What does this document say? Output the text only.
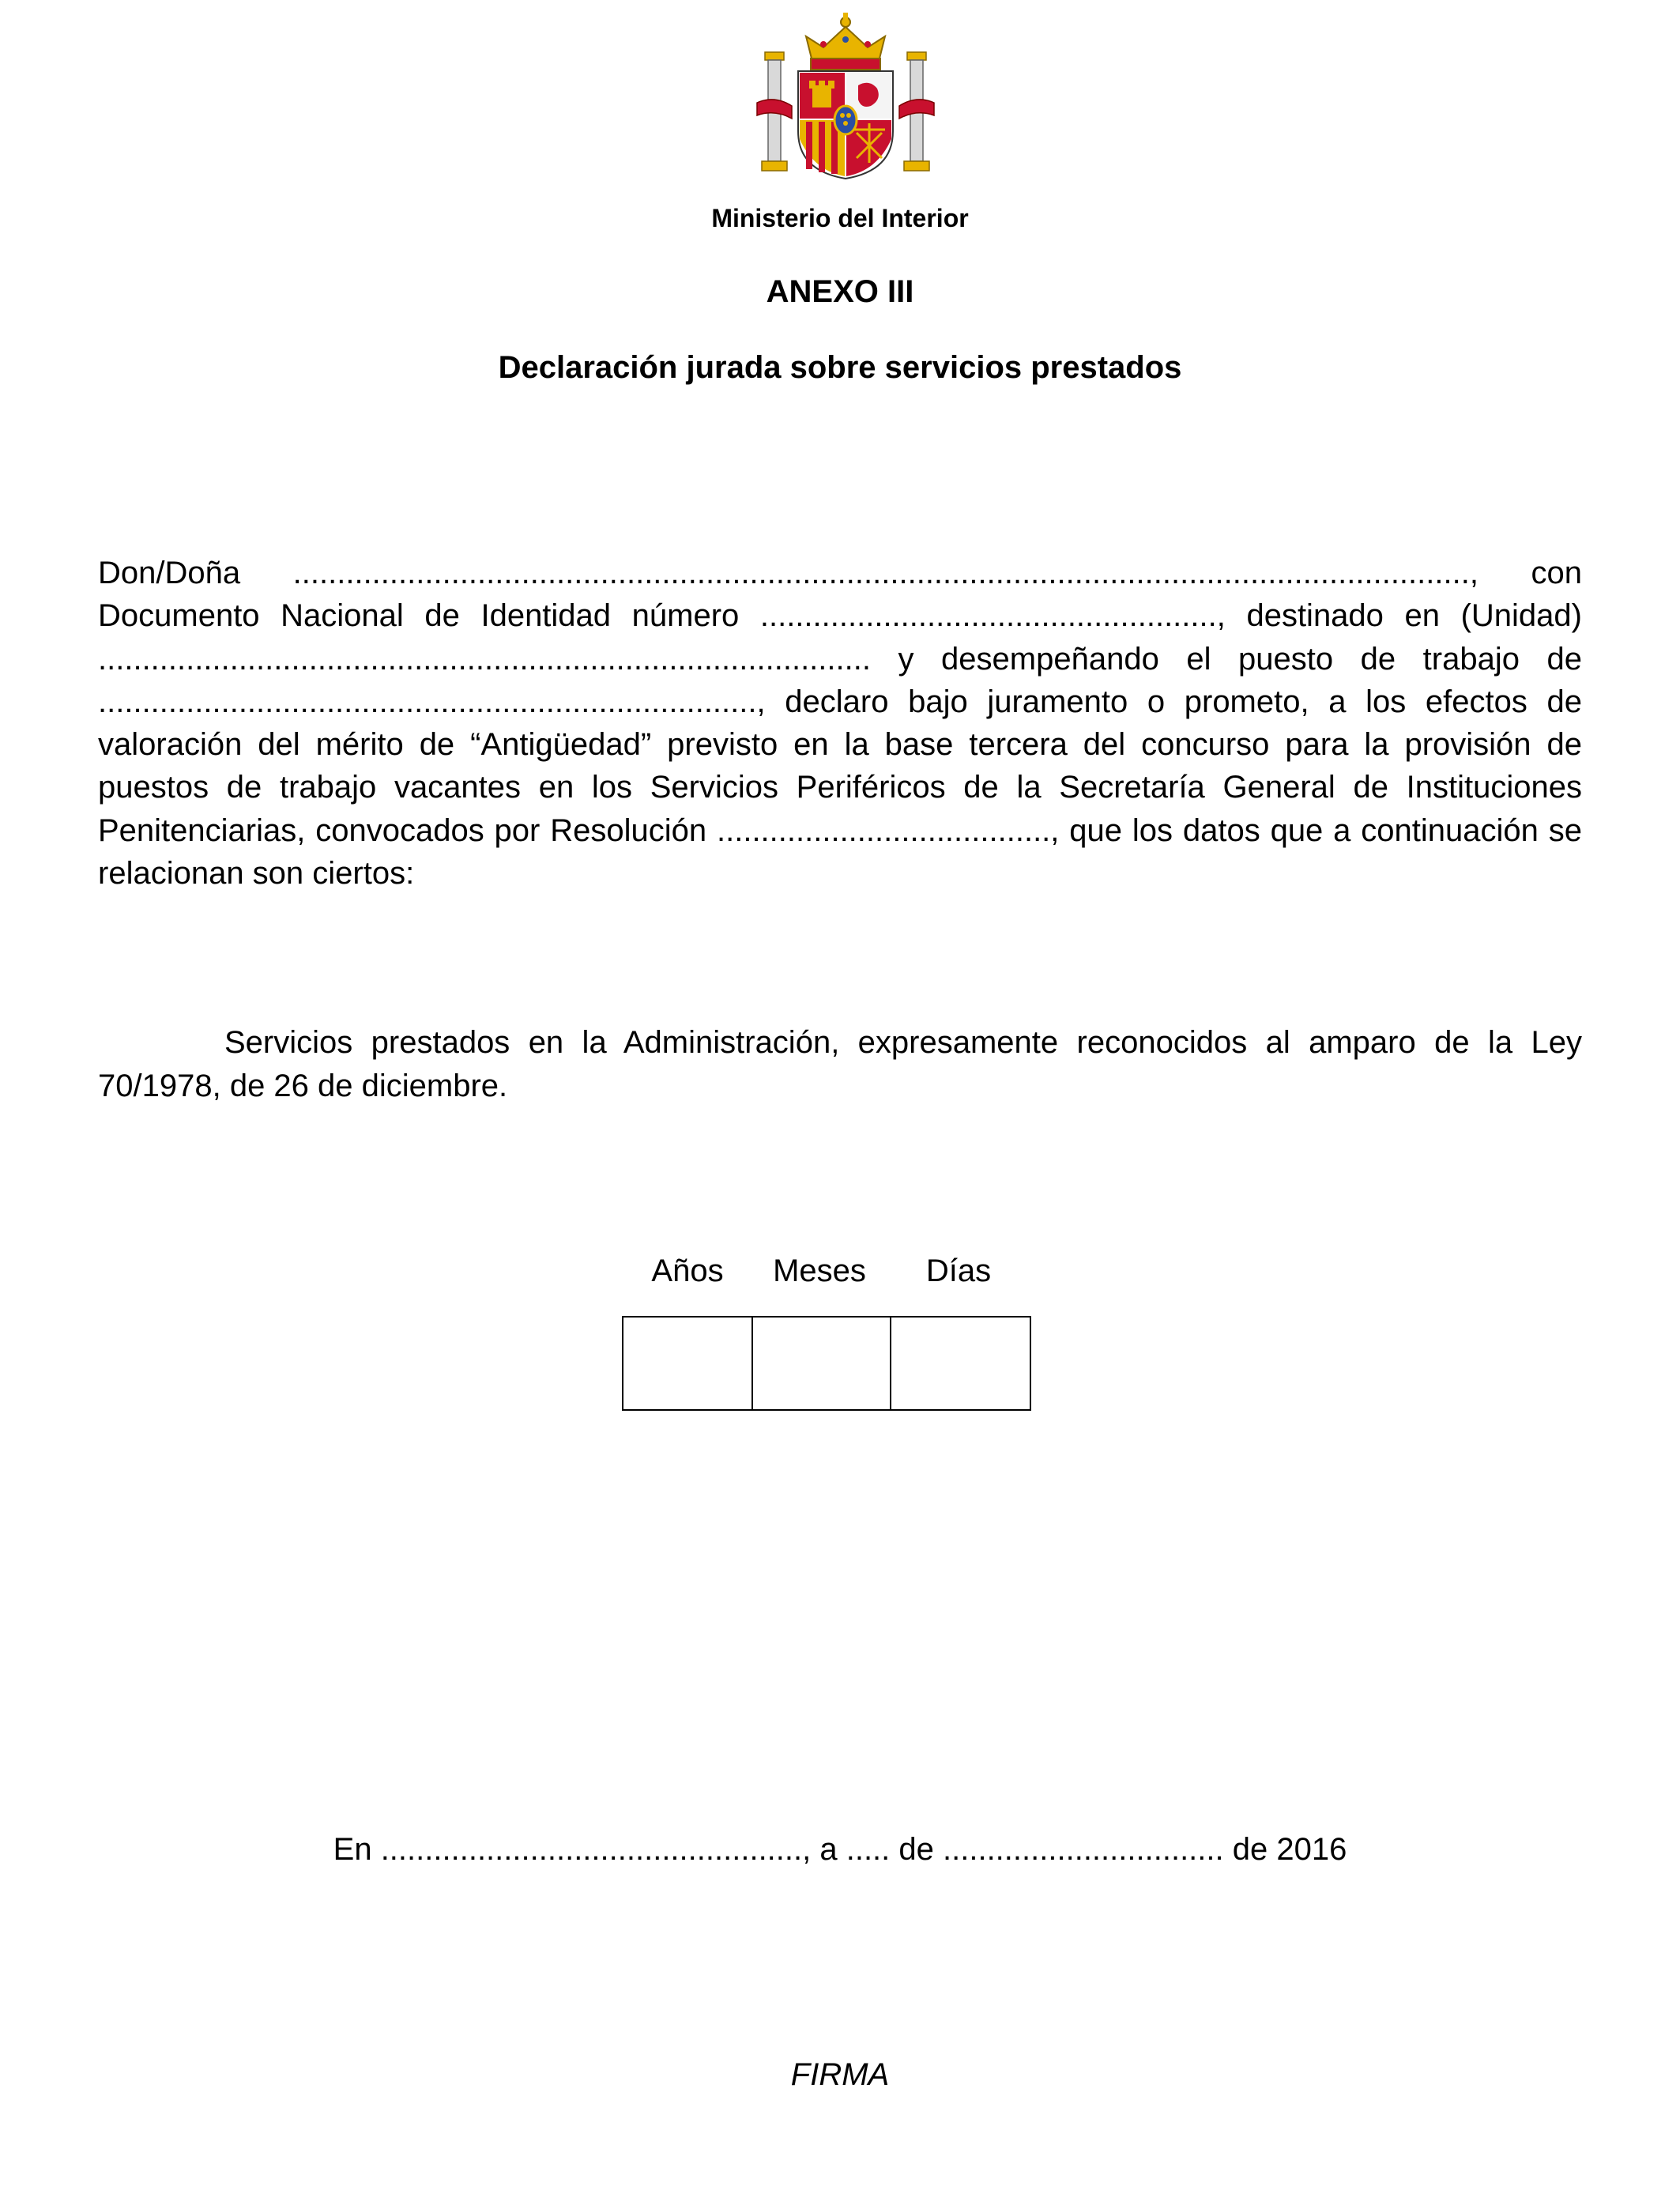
Ministerio del Interior
ANEXO III
Declaración jurada sobre servicios prestados

Don/Doña ......................................................................................................................................, con Documento Nacional de Identidad número ...................................................., destinado en (Unidad) ........................................................................................ y desempeñando el puesto de trabajo de ..........................................................................., declaro bajo juramento o prometo, a los efectos de valoración del mérito de “Antigüedad” previsto en la base tercera del concurso para la provisión de puestos de trabajo vacantes en los Servicios Periféricos de la Secretaría General de Instituciones Penitenciarias, convocados por Resolución ......................................, que los datos que a continuación se relacionan son ciertos:

Servicios prestados en la Administración, expresamente reconocidos al amparo de la Ley 70/1978, de 26 de diciembre.

Años	Meses	Días
En ................................................, a ..... de ................................ de 2016
FIRMA
